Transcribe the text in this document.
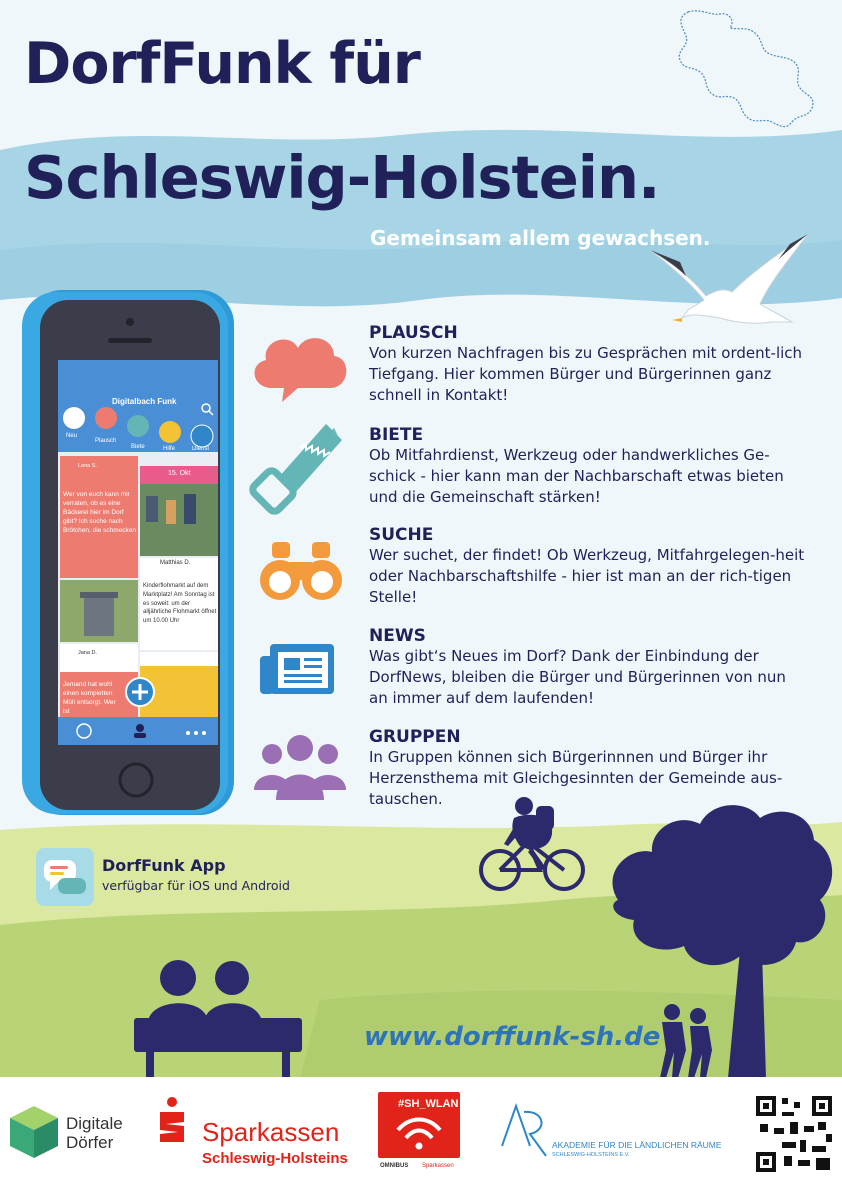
DorfFunk für
Schleswig-Holstein.
Gemeinsam allem gewachsen.
Digitalbach Funk
Neu
Plausch
Biete	Hilfe	Dienst
Lena S.
Wer von euch kann mir verraten, ob es eine Bäckerei hier im Dorf gibt? Ich suche nach Brötchen, die schmecken
15. Okt
Matthias D.
Kinderflohmarkt auf dem Marktplatz! Am Sonntag ist es soweit: um der alljährliche Flohmarkt öffnet um 10.00 Uhr
Jana D.
Jemand hat wohl einen kompletten Müll entsorgt. Wer ist
PLAUSCH

Von kurzen Nachfragen bis zu Gesprächen mit ordent-lich Tiefgang. Hier kommen Bürger und Bürgerinnen ganz schnell in Kontakt!

BIETE

Ob Mitfahrdienst, Werkzeug oder handwerkliches Ge-schick - hier kann man der Nachbarschaft etwas bieten und die Gemeinschaft stärken!

SUCHE

Wer suchet, der findet! Ob Werkzeug, Mitfahrgelegen-heit oder Nachbarschaftshilfe - hier ist man an der rich-tigen Stelle!

NEWS

Was gibt‘s Neues im Dorf? Dank der Einbindung der DorfNews, bleiben die Bürger und Bürgerinnen von nun an immer auf dem laufenden!

GRUPPEN

In Gruppen können sich Bürgerinnnen und Bürger ihr Herzensthema mit Gleichgesinnten der Gemeinde aus-tauschen.

DorfFunk App
verfügbar für iOS und Android
www.dorffunk-sh.de
Digitale
Dörfer	Sparkassen
Schleswig-Holsteins
#SH_WLAN
OMNIBUS Sparkassen
AKADEMIE FÜR DIE LÄNDLICHEN RÄUME
SCHLESWIG-HOLSTEINS E.V.
